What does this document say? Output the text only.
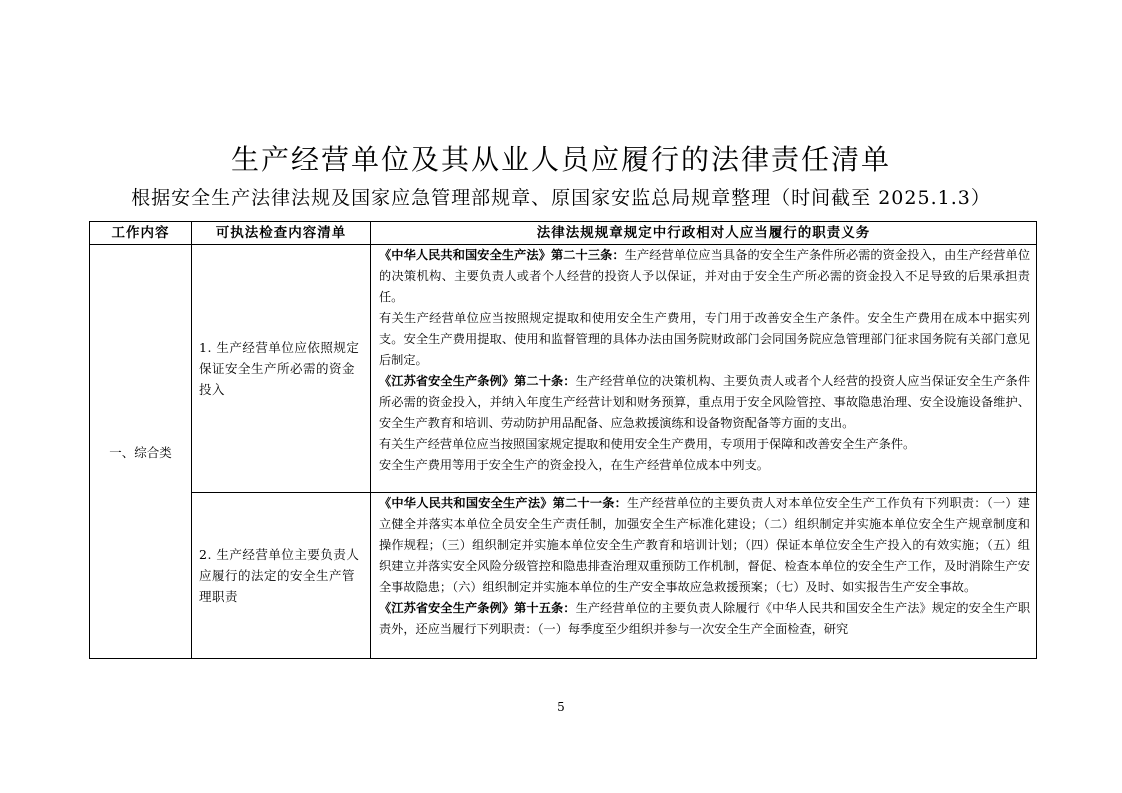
生产经营单位及其从业人员应履行的法律责任清单
根据安全生产法律法规及国家应急管理部规章、原国家安监总局规章整理（时间截至 2025.1.3）
工作内容	可执法检查内容清单	法律法规规章规定中行政相对人应当履行的职责义务
一、综合类	1. 生产经营单位应依照规定保证安全生产所必需的资金投入	《中华人民共和国安全生产法》第二十三条：生产经营单位应当具备的安全生产条件所必需的资金投入，由生产经营单位的决策机构、主要负责人或者个人经营的投资人予以保证，并对由于安全生产所必需的资金投入不足导致的后果承担责任。

有关生产经营单位应当按照规定提取和使用安全生产费用，专门用于改善安全生产条件。安全生产费用在成本中据实列支。安全生产费用提取、使用和监督管理的具体办法由国务院财政部门会同国务院应急管理部门征求国务院有关部门意见后制定。

《江苏省安全生产条例》第二十条：生产经营单位的决策机构、主要负责人或者个人经营的投资人应当保证安全生产条件所必需的资金投入，并纳入年度生产经营计划和财务预算，重点用于安全风险管控、事故隐患治理、安全设施设备维护、安全生产教育和培训、劳动防护用品配备、应急救援演练和设备物资配备等方面的支出。

有关生产经营单位应当按照国家规定提取和使用安全生产费用，专项用于保障和改善安全生产条件。

安全生产费用等用于安全生产的资金投入，在生产经营单位成本中列支。

	2. 生产经营单位主要负责人应履行的法定的安全生产管理职责	《中华人民共和国安全生产法》第二十一条：生产经营单位的主要负责人对本单位安全生产工作负有下列职责：（一）建立健全并落实本单位全员安全生产责任制，加强安全生产标准化建设；（二）组织制定并实施本单位安全生产规章制度和操作规程；（三）组织制定并实施本单位安全生产教育和培训计划；（四）保证本单位安全生产投入的有效实施；（五）组织建立并落实安全风险分级管控和隐患排查治理双重预防工作机制，督促、检查本单位的安全生产工作，及时消除生产安全事故隐患；（六）组织制定并实施本单位的生产安全事故应急救援预案；（七）及时、如实报告生产安全事故。

《江苏省安全生产条例》第十五条：生产经营单位的主要负责人除履行《中华人民共和国安全生产法》规定的安全生产职责外，还应当履行下列职责：（一）每季度至少组织并参与一次安全生产全面检查，研究

5
